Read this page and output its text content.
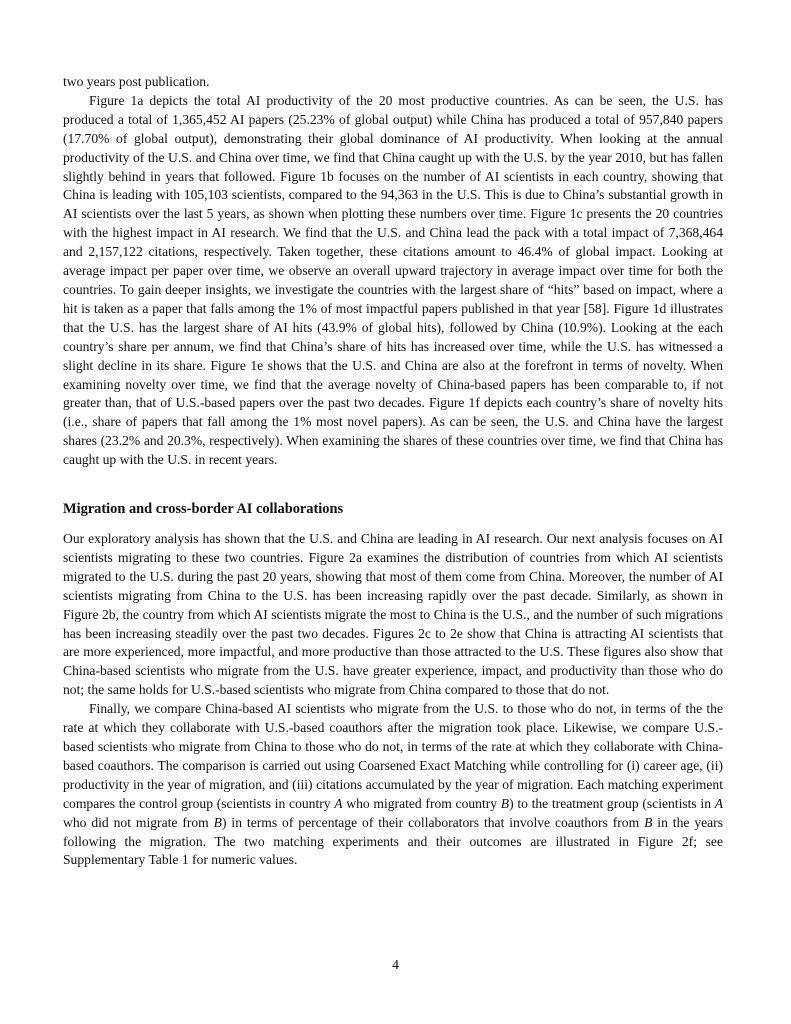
two years post publication.

Figure 1a depicts the total AI productivity of the 20 most productive countries. As can be seen, the U.S. has produced a total of 1,365,452 AI papers (25.23% of global output) while China has produced a total of 957,840 papers (17.70% of global output), demonstrating their global dominance of AI productivity. When looking at the annual productivity of the U.S. and China over time, we find that China caught up with the U.S. by the year 2010, but has fallen slightly behind in years that followed. Figure 1b focuses on the number of AI scientists in each country, showing that China is leading with 105,103 scientists, compared to the 94,363 in the U.S. This is due to China’s substantial growth in AI scientists over the last 5 years, as shown when plotting these numbers over time. Figure 1c presents the 20 countries with the highest impact in AI research. We find that the U.S. and China lead the pack with a total impact of 7,368,464 and 2,157,122 citations, respectively. Taken together, these citations amount to 46.4% of global impact. Looking at average impact per paper over time, we observe an overall upward trajectory in average impact over time for both the countries. To gain deeper insights, we investigate the countries with the largest share of “hits” based on impact, where a hit is taken as a paper that falls among the 1% of most impactful papers published in that year [58]. Figure 1d illustrates that the U.S. has the largest share of AI hits (43.9% of global hits), followed by China (10.9%). Looking at the each country’s share per annum, we find that China’s share of hits has increased over time, while the U.S. has witnessed a slight decline in its share. Figure 1e shows that the U.S. and China are also at the forefront in terms of novelty. When examining novelty over time, we find that the average novelty of China-based papers has been comparable to, if not greater than, that of U.S.-based papers over the past two decades. Figure 1f depicts each country’s share of novelty hits (i.e., share of papers that fall among the 1% most novel papers). As can be seen, the U.S. and China have the largest shares (23.2% and 20.3%, respectively). When examining the shares of these countries over time, we find that China has caught up with the U.S. in recent years.

Migration and cross-border AI collaborations

Our exploratory analysis has shown that the U.S. and China are leading in AI research. Our next analysis focuses on AI scientists migrating to these two countries. Figure 2a examines the distribution of countries from which AI scientists migrated to the U.S. during the past 20 years, showing that most of them come from China. Moreover, the number of AI scientists migrating from China to the U.S. has been increasing rapidly over the past decade. Similarly, as shown in Figure 2b, the country from which AI scientists migrate the most to China is the U.S., and the number of such migrations has been increasing steadily over the past two decades. Figures 2c to 2e show that China is attracting AI scientists that are more experienced, more impactful, and more productive than those attracted to the U.S. These figures also show that China-based scientists who migrate from the U.S. have greater experience, impact, and productivity than those who do not; the same holds for U.S.-based scientists who migrate from China compared to those that do not.

Finally, we compare China-based AI scientists who migrate from the U.S. to those who do not, in terms of the the rate at which they collaborate with U.S.-based coauthors after the migration took place. Likewise, we compare U.S.-based scientists who migrate from China to those who do not, in terms of the rate at which they collaborate with China-based coauthors. The comparison is carried out using Coarsened Exact Matching while controlling for (i) career age, (ii) productivity in the year of migration, and (iii) citations accumulated by the year of migration. Each matching experiment compares the control group (scientists in country A who migrated from country B) to the treatment group (scientists in A who did not migrate from B) in terms of percentage of their collaborators that involve coauthors from B in the years following the migration. The two matching experiments and their outcomes are illustrated in Figure 2f; see Supplementary Table 1 for numeric values.

4
